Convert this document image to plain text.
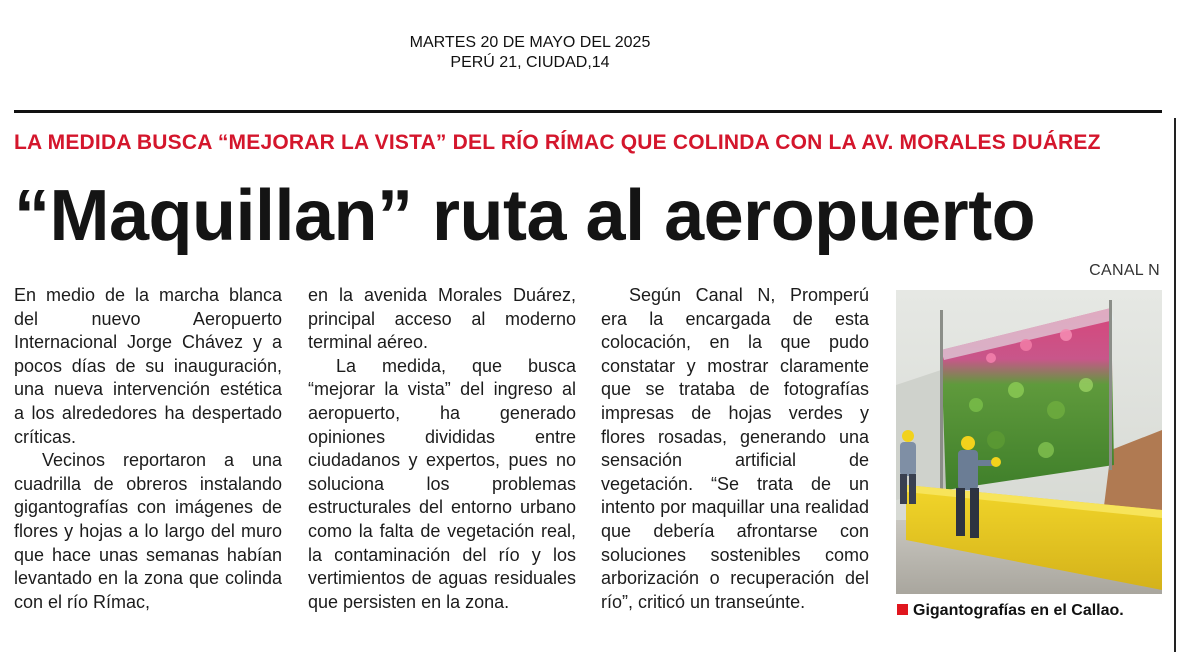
MARTES 20 DE MAYO DEL 2025
PERÚ 21, CIUDAD,14
LA MEDIDA BUSCA “MEJORAR LA VISTA” DEL RÍO RÍMAC QUE COLINDA CON LA AV. MORALES DUÁREZ
“Maquillan” ruta al aeropuerto

En medio de la marcha blanca del nuevo Aeropuerto Internacional Jorge Chávez y a pocos días de su inauguración, una nueva intervención estética a los alrededores ha despertado críticas.

Vecinos reportaron a una cuadrilla de obreros instalando gigantografías con imágenes de flores y hojas a lo largo del muro que hace unas semanas habían levantado en la zona que colinda con el río Rímac,

en la avenida Morales Duárez, principal acceso al moderno terminal aéreo.

La medida, que busca “mejorar la vista” del ingreso al aeropuerto, ha generado opiniones divididas entre ciudadanos y expertos, pues no soluciona los problemas estructurales del entorno urbano como la falta de vegetación real, la contaminación del río y los vertimientos de aguas residuales que persisten en la zona.

Según Canal N, Promperú era la encargada de esta colocación, en la que pudo constatar y mostrar claramente que se trataba de fotografías impresas de hojas verdes y flores rosadas, generando una sensación artificial de vegetación. “Se trata de un intento por maquillar una realidad que debería afrontarse con soluciones sostenibles como arborización o recuperación del río”, criticó un transeúnte.

CANAL N
Gigantografías en el Callao.
